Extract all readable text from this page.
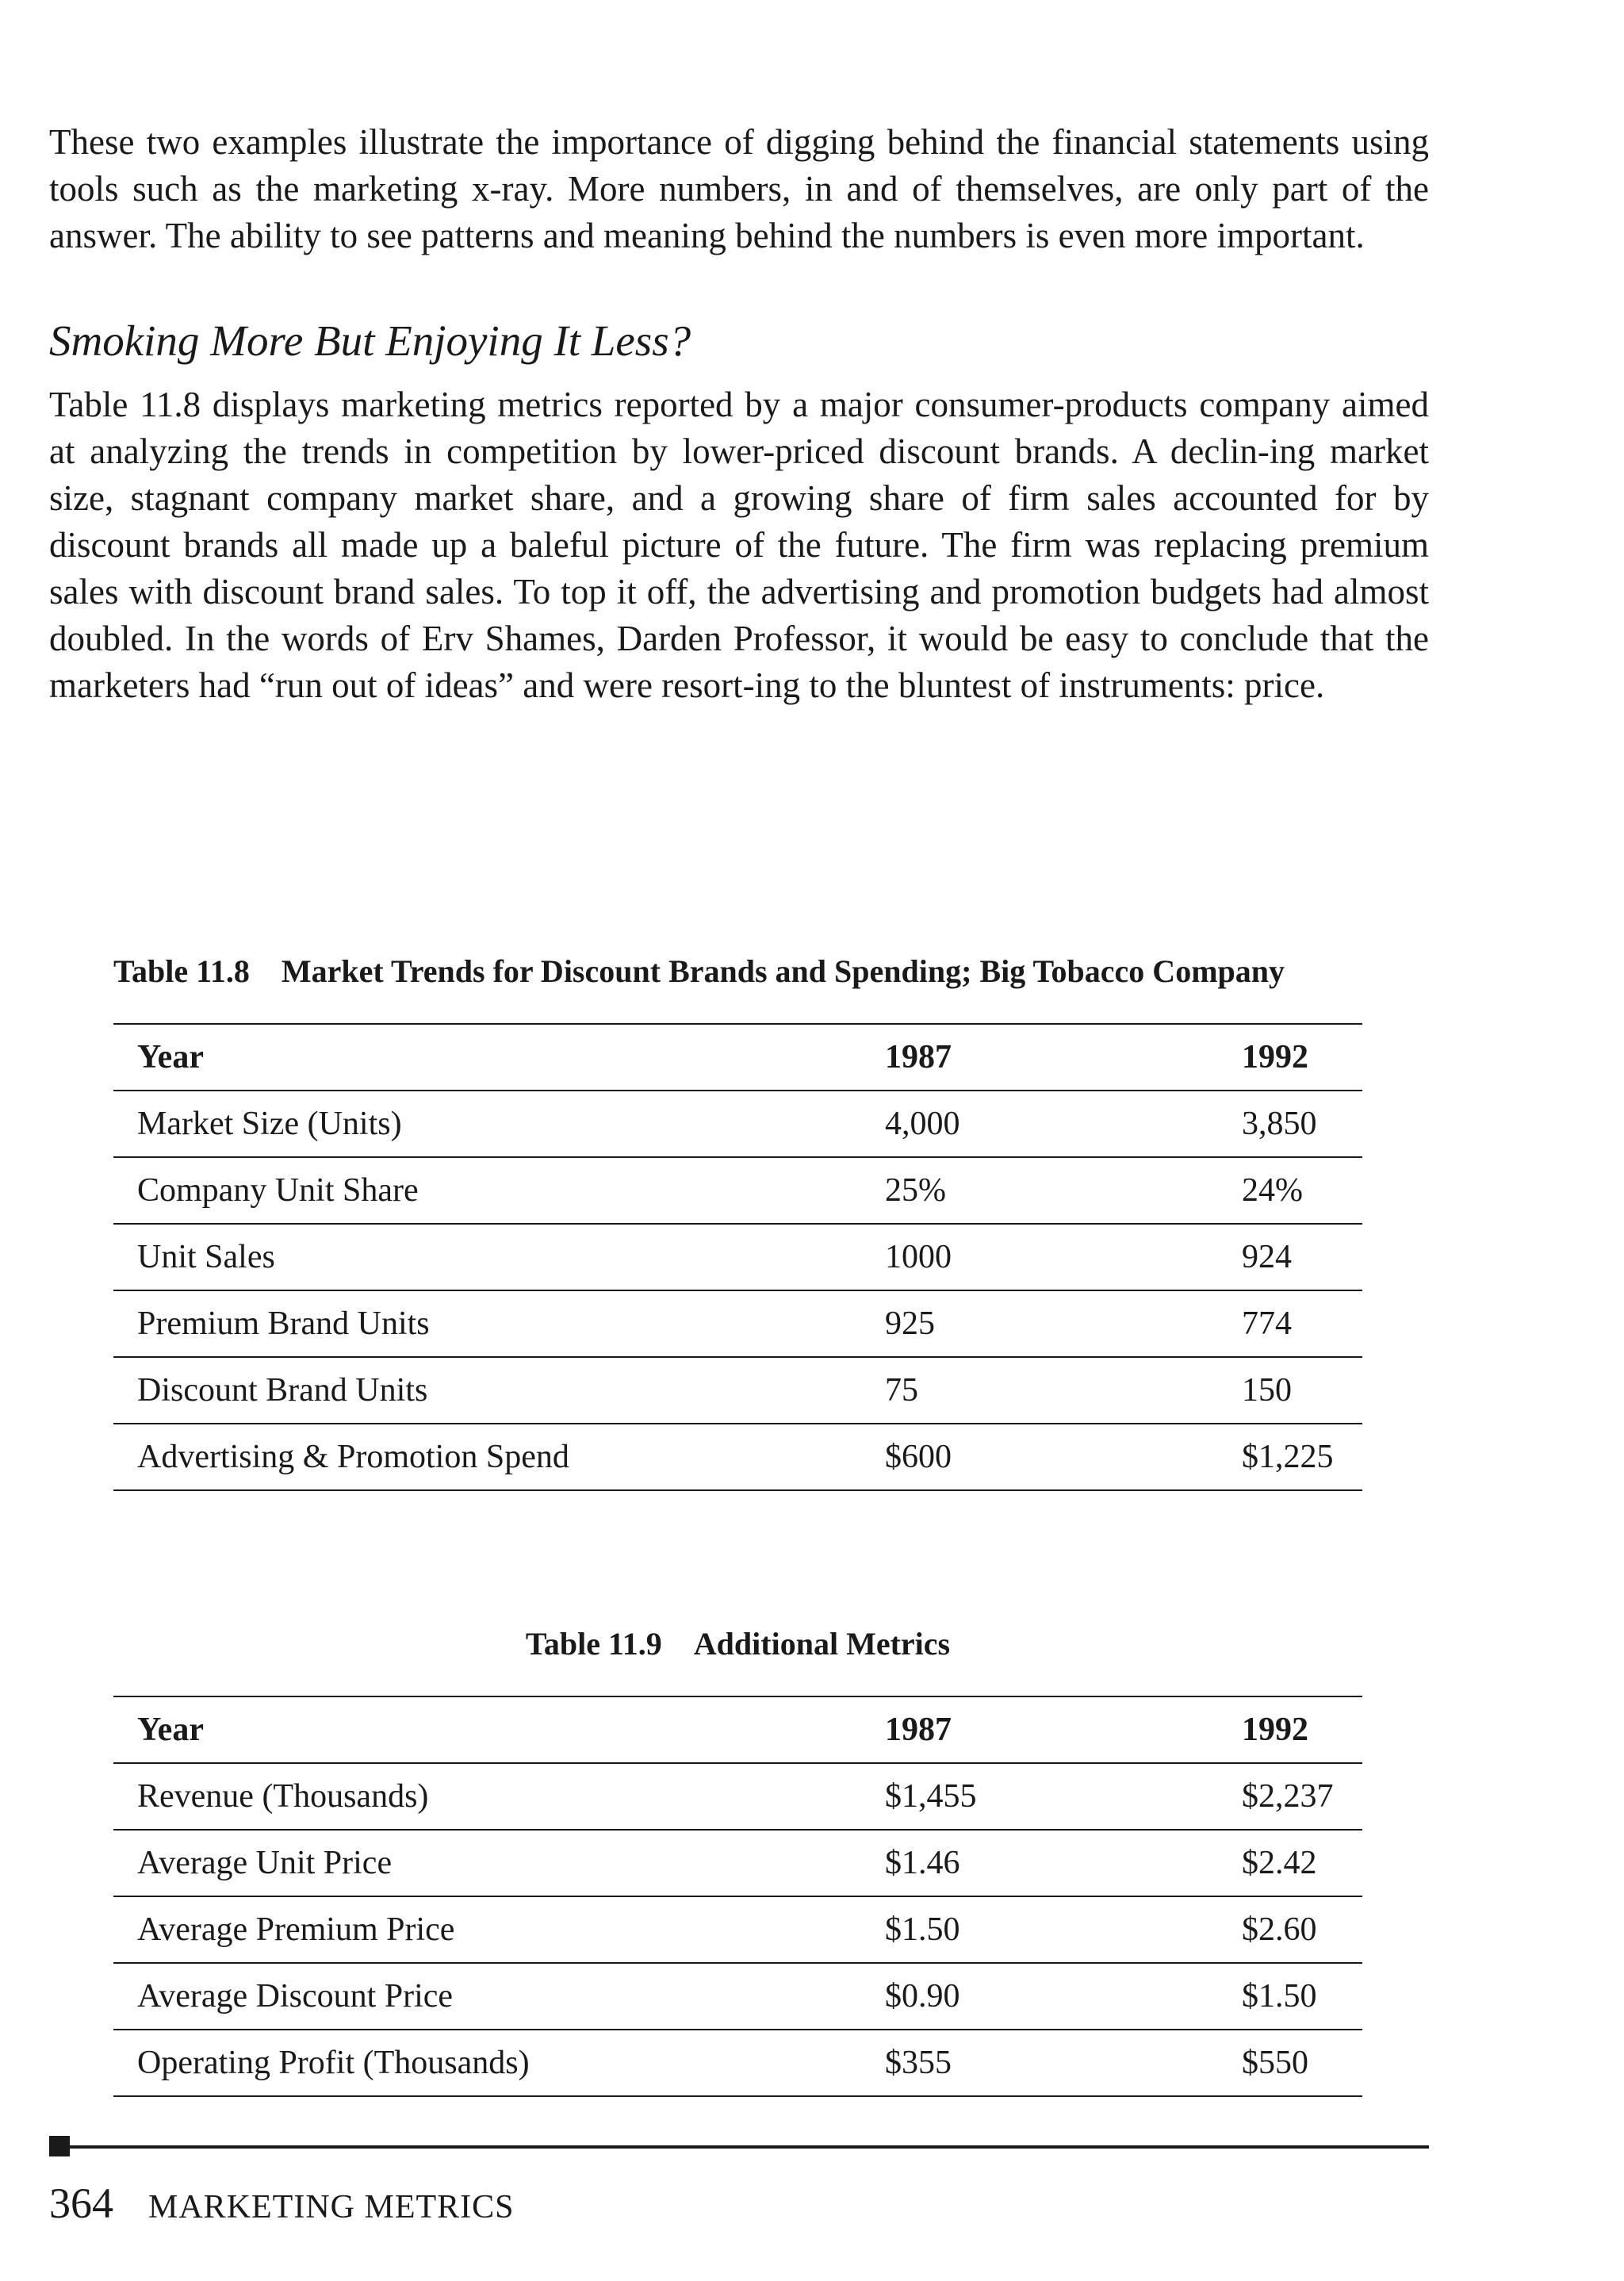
These two examples illustrate the importance of digging behind the financial statements using tools such as the marketing x-ray. More numbers, in and of themselves, are only part of the answer. The ability to see patterns and meaning behind the numbers is even more important.

Smoking More But Enjoying It Less?

Table 11.8 displays marketing metrics reported by a major consumer-products company aimed at analyzing the trends in competition by lower-priced discount brands. A declin-ing market size, stagnant company market share, and a growing share of firm sales accounted for by discount brands all made up a baleful picture of the future. The firm was replacing premium sales with discount brand sales. To top it off, the advertising and promotion budgets had almost doubled. In the words of Erv Shames, Darden Professor, it would be easy to conclude that the marketers had “run out of ideas” and were resort-ing to the bluntest of instruments: price.

Table 11.8 Market Trends for Discount Brands and Spending; Big Tobacco Company
Year	1987	1992
Market Size (Units)	4,000	3,850
Company Unit Share	25%	24%
Unit Sales	1000	924
Premium Brand Units	925	774
Discount Brand Units	75	150
Advertising & Promotion Spend	$600	$1,225
Table 11.9 Additional Metrics
Year	1987	1992
Revenue (Thousands)	$1,455	$2,237
Average Unit Price	$1.46	$2.42
Average Premium Price	$1.50	$2.60
Average Discount Price	$0.90	$1.50
Operating Profit (Thousands)	$355	$550
364 MARKETING METRICS
